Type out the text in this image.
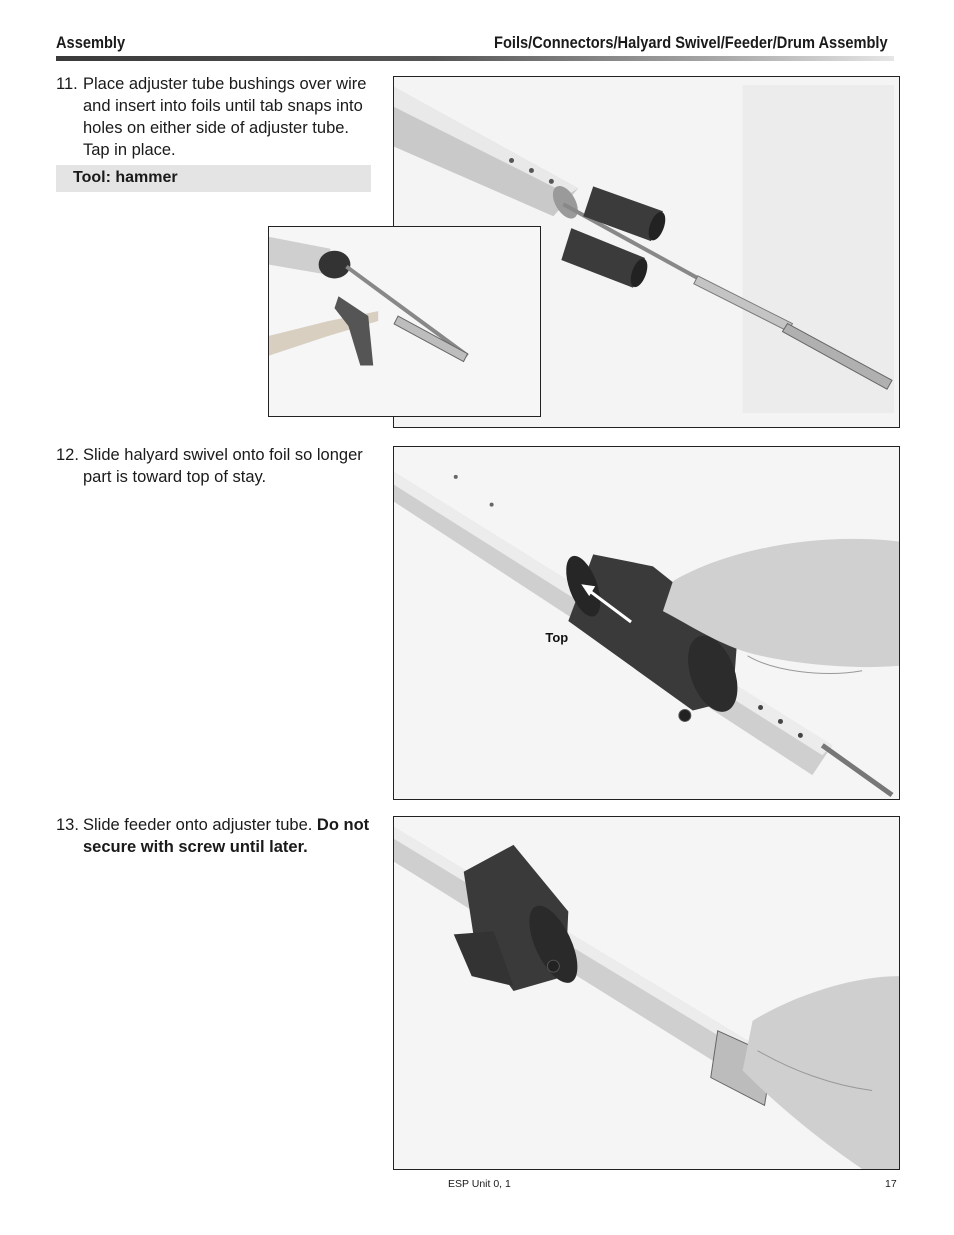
Assembly	Foils/Connectors/Halyard Swivel/Feeder/Drum Assembly
11. Place adjuster tube bushings over wire and insert into foils until tab snaps into holes on either side of adjuster tube. Tap in place.
Tool: hammer
12. Slide halyard swivel onto foil so longer part is toward top of stay.
Top
13. Slide feeder onto adjuster tube. Do not secure with screw until later.
ESP Unit 0, 1	17
